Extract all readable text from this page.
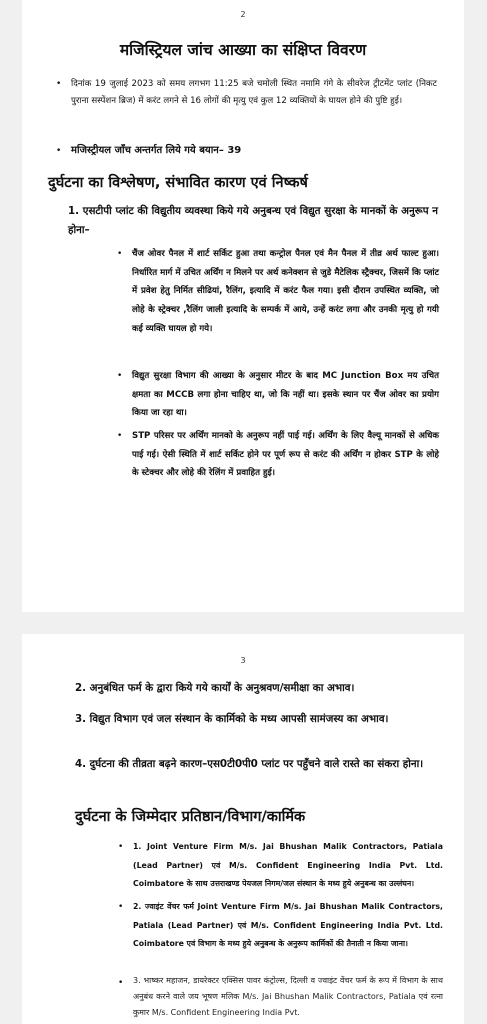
2
मजिस्ट्रियल जांच आख्या का संक्षिप्त विवरण
• दिनांक 19 जुलाई 2023 को समय लगभग 11:25 बजे चमोली स्थित नमामि गंगे के सीवरेज ट्रीटमेंट प्लांट (निकट पुराना सस्पेंशन ब्रिज) में करंट लगने से 16 लोगों की मृत्यु एवं कुल 12 व्यक्तियों के घायल होने की पुष्टि हुई।
• मजिस्ट्रीयल जाँच अन्तर्गत लिये गये बयान– 39
दुर्घटना का विश्लेषण, संभावित कारण एवं निष्कर्ष
1. एसटीपी प्लांट की विद्युतीय व्यवस्था किये गये अनुबन्ध एवं विद्युत सुरक्षा के मानकों के अनुरूप न होना–
• चैंज ओवर पैनल में शार्ट सर्किट हुआ तथा कन्ट्रोल पैनल एवं मैन पैनल में तीव्र अर्थ फाल्ट हुआ। निर्धारित मार्ग में उचित अर्थिंग न मिलने पर अर्थ कनेक्शन से जुडे मैटेलिक स्ट्रैक्चर, जिसमें कि प्लांट में प्रवेश हेतु निर्मित सीढियां, रैलिंग, इत्यादि में करंट फैल गया। इसी दौरान उपस्थित व्यक्ति, जो लोहे के स्ट्रेक्चर ,रैलिंग जाली इत्यादि के सम्पर्क में आये, उन्हें करंट लगा और उनकी मृत्यु हो गयी कई व्यक्ति घायल हो गये।
• विद्युत सुरक्षा विभाग की आख्या के अनुसार मीटर के बाद MC Junction Box मय उचित क्षमता का MCCB लगा होना चाहिए था, जो कि नहीं था। इसके स्थान पर चैंज ओवर का प्रयोग किया जा रहा था।
• STP परिसर पर अर्थिंग मानको के अनुरूप नहीं पाई गई। अर्थिंग के लिए वैल्यू मानकों से अधिक पाई गई। ऐसी स्थिति में शार्ट सर्किट होने पर पूर्ण रूप से करंट की अर्थिंग न होकर STP के लोहे के स्टेक्चर और लोहे की रेलिंग में प्रवाहित हुई।
3
2. अनुबंधित फर्म के द्वारा किये गये कार्यों के अनुश्रवण/समीक्षा का अभाव।
3. विद्युत विभाग एवं जल संस्थान के कार्मिको के मध्य आपसी सामंजस्य का अभाव।
4. दुर्घटना की तीव्रता बढ़ने कारण–एस0टी0पी0 प्लांट पर पहुँचने वाले रास्ते का संकरा होना।
दुर्घटना के जिम्मेदार प्रतिष्ठान/विभाग/कार्मिक
• 1. Joint Venture Firm M/s. Jai Bhushan Malik Contractors, Patiala (Lead Partner) एवं M/s. Confident Engineering India Pvt. Ltd. Coimbatore के साथ उत्तराखण्ड पेयजल निगम/जल संस्थान के मध्य हुये अनुबन्ध का उल्लंघन।
• 2. ज्वाइंट वेंचर फर्म Joint Venture Firm M/s. Jai Bhushan Malik Contractors, Patiala (Lead Partner) एवं M/s. Confident Engineering India Pvt. Ltd. Coimbatore एवं विभाग के मध्य हुये अनुबन्ध के अनुरूप कार्मिकों की तैनाती न किया जाना।
• 3. भाष्कर महाजन, डायरेक्टर एक्सिस पावर कंट्रोल्स, दिल्ली व ज्वाइंट वेंचर फर्म के रूप में विभाग के साथ अनुबंध करने वाले जय भूषण मलिक M/s. Jai Bhushan Malik Contractors, Patiala एवं रत्ना कुमार M/s. Confident Engineering India Pvt.
